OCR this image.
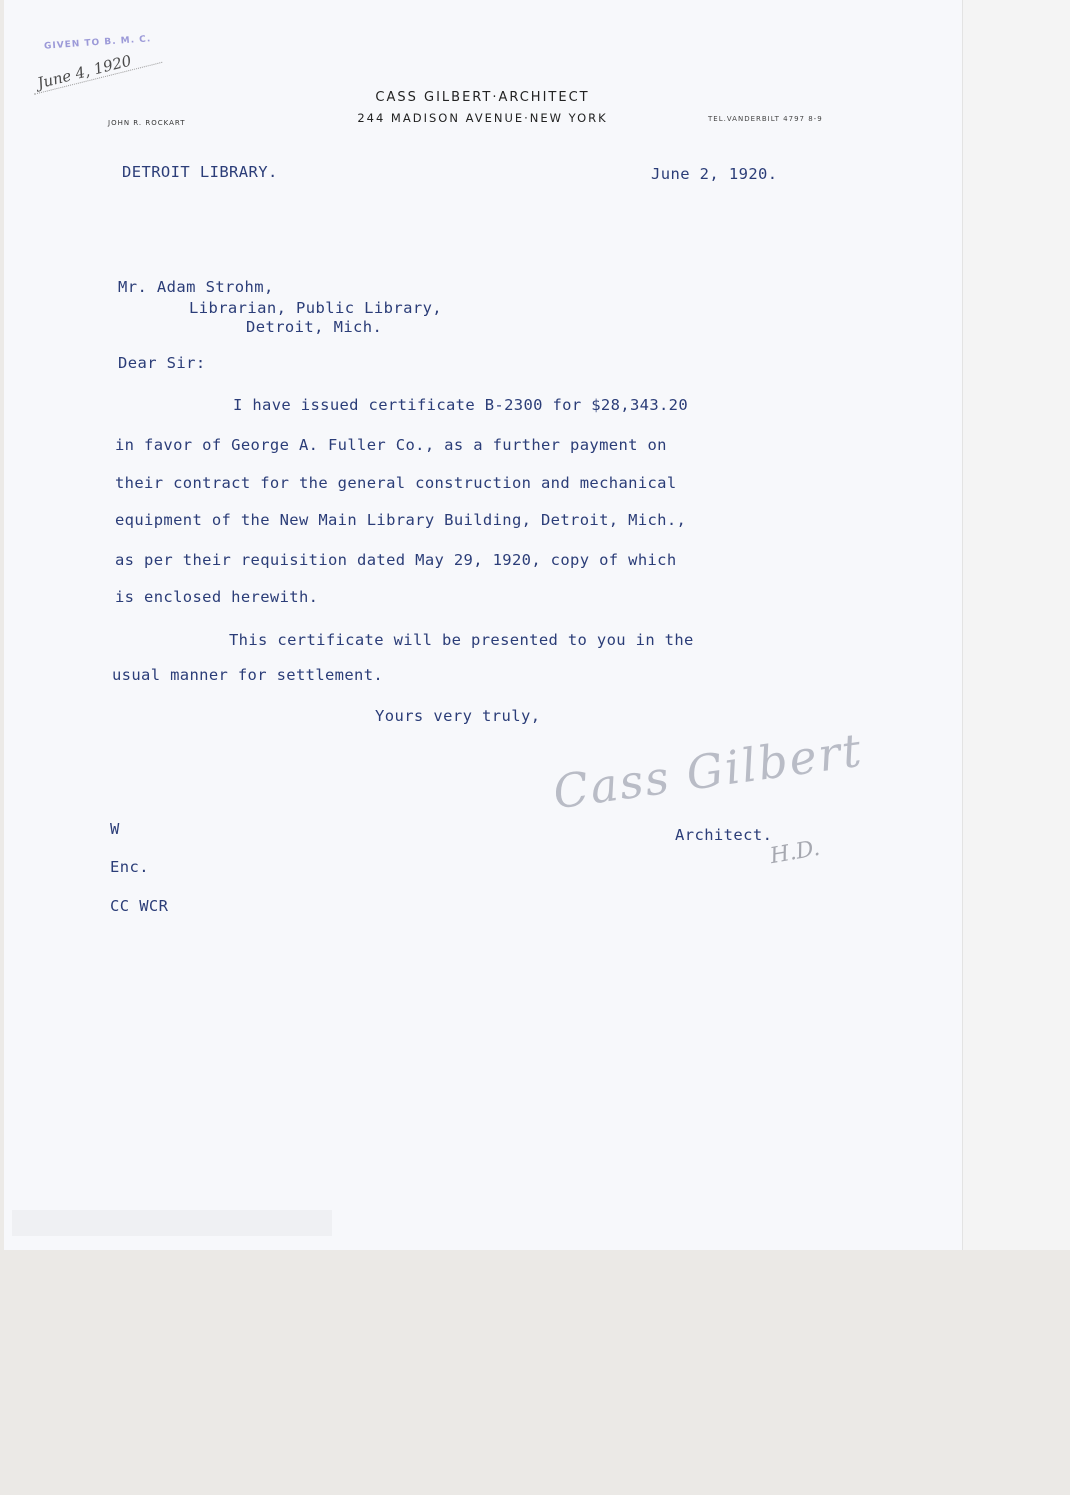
GIVEN TO B. M. C.
June 4, 1920
JOHN R. ROCKART
CASS GILBERT·ARCHITECT
244 MADISON AVENUE·NEW YORK	TEL.VANDERBILT 4797 8-9
DETROIT LIBRARY.	June 2, 1920.
Mr. Adam Strohm,
Librarian, Public Library,
Detroit, Mich.
Dear Sir:
I have issued certificate B-2300 for $28,343.20
in favor of George A. Fuller Co., as a further payment on
their contract for the general construction and mechanical
equipment of the New Main Library Building, Detroit, Mich.,
as per their requisition dated May 29, 1920, copy of which
is enclosed herewith.
This certificate will be presented to you in the
usual manner for settlement.
Yours very truly,
Cass Gilbert
Architect.
H.D.
W
Enc.
CC WCR
